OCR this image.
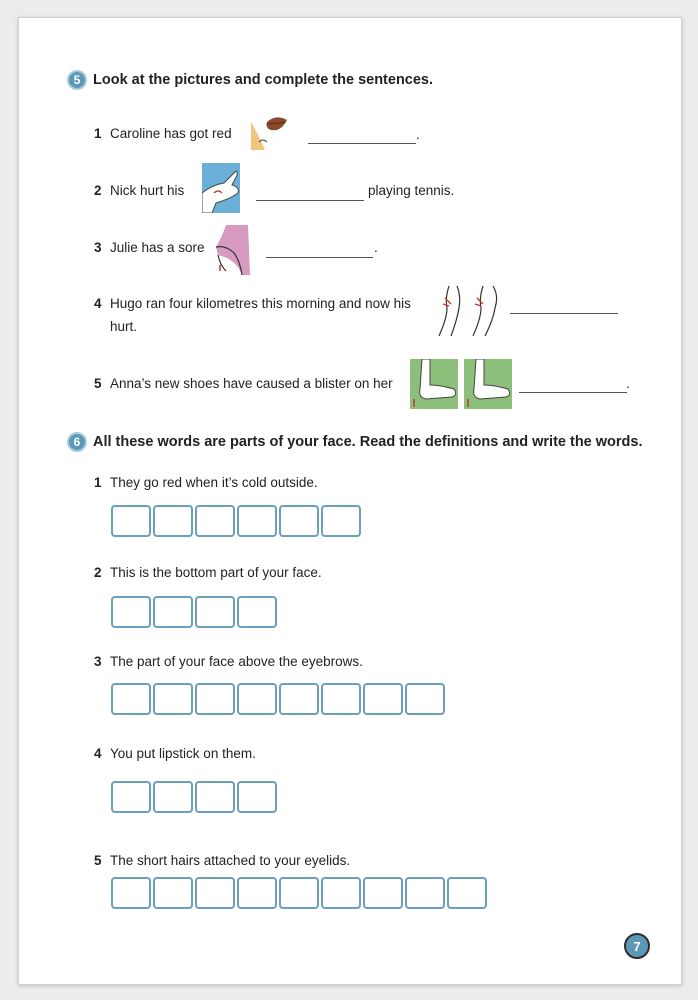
5 Look at the pictures and complete the sentences.
1 Caroline has got red	.
2 Nick hurt his	playing tennis.
3 Julie has a sore	.
4 Hugo ran four kilometres this morning and now his
hurt.
5 Anna’s new shoes have caused a blister on her	.
6 All these words are parts of your face. Read the definitions and write the words.
1 They go red when it’s cold outside.
2 This is the bottom part of your face.
3 The part of your face above the eyebrows.
4 You put lipstick on them.
5 The short hairs attached to your eyelids.
7
